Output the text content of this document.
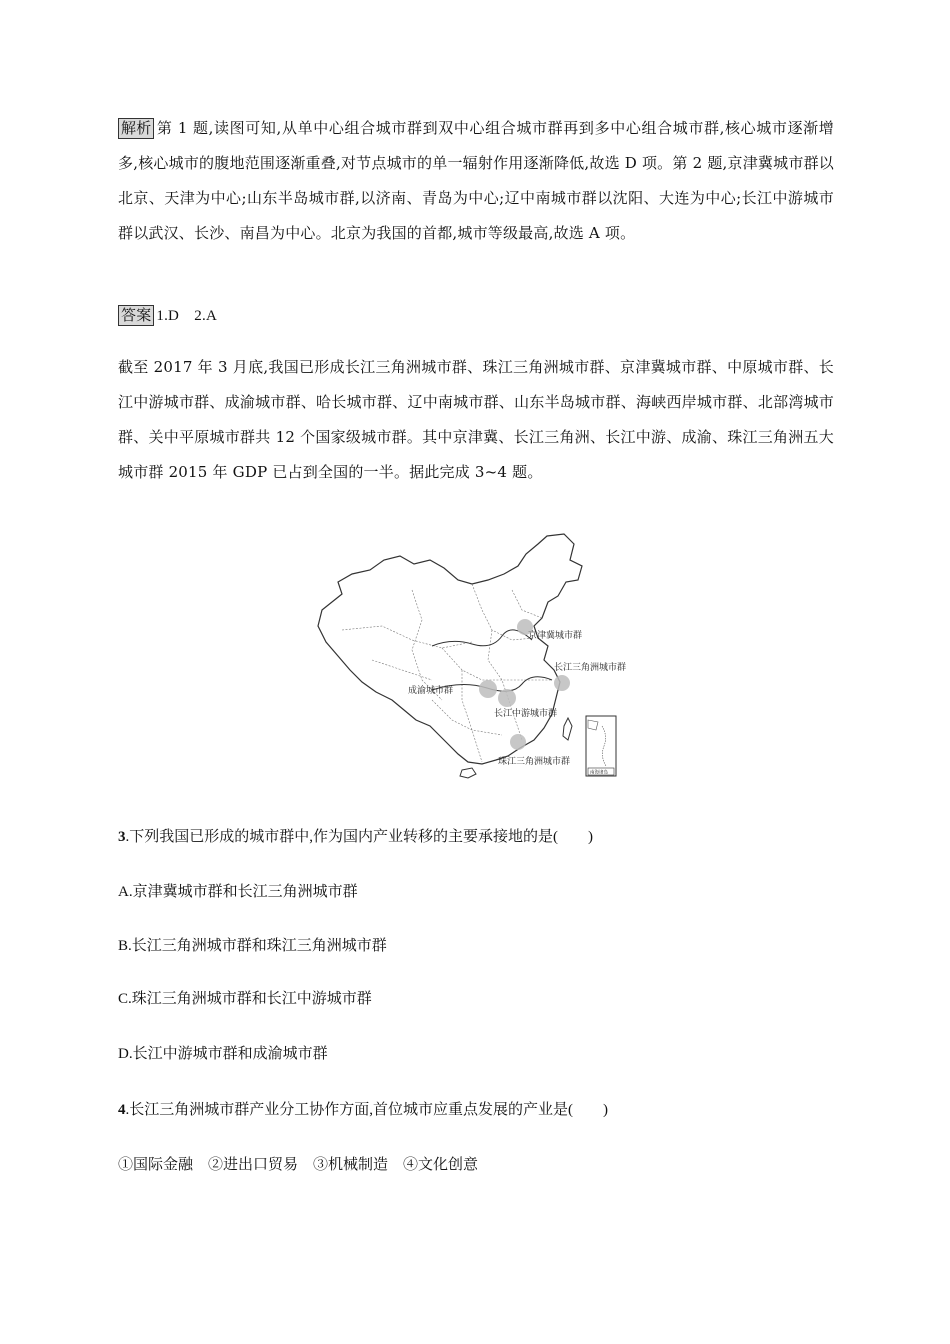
解析 第 1 题,读图可知,从单中心组合城市群到双中心组合城市群再到多中心组合城市群,核心城市逐渐增多,核心城市的腹地范围逐渐重叠,对节点城市的单一辐射作用逐渐降低,故选 D 项。第 2 题,京津冀城市群以北京、天津为中心;山东半岛城市群,以济南、青岛为中心;辽中南城市群以沈阳、大连为中心;长江中游城市群以武汉、长沙、南昌为中心。北京为我国的首都,城市等级最高,故选 A 项。
答案 1.D　2.A
截至 2017 年 3 月底,我国已形成长江三角洲城市群、珠江三角洲城市群、京津冀城市群、中原城市群、长江中游城市群、成渝城市群、哈长城市群、辽中南城市群、山东半岛城市群、海峡西岸城市群、北部湾城市群、关中平原城市群共 12 个国家级城市群。其中京津冀、长江三角洲、长江中游、成渝、珠江三角洲五大城市群 2015 年 GDP 已占到全国的一半。据此完成 3~4 题。
京津冀城市群
长江三角洲城市群
成渝城市群
长江中游城市群
珠江三角洲城市群
南海诸岛
3.下列我国已形成的城市群中,作为国内产业转移的主要承接地的是(　　)
A.京津冀城市群和长江三角洲城市群
B.长江三角洲城市群和珠江三角洲城市群
C.珠江三角洲城市群和长江中游城市群
D.长江中游城市群和成渝城市群
4.长江三角洲城市群产业分工协作方面,首位城市应重点发展的产业是(　　)
①国际金融　②进出口贸易　③机械制造　④文化创意
